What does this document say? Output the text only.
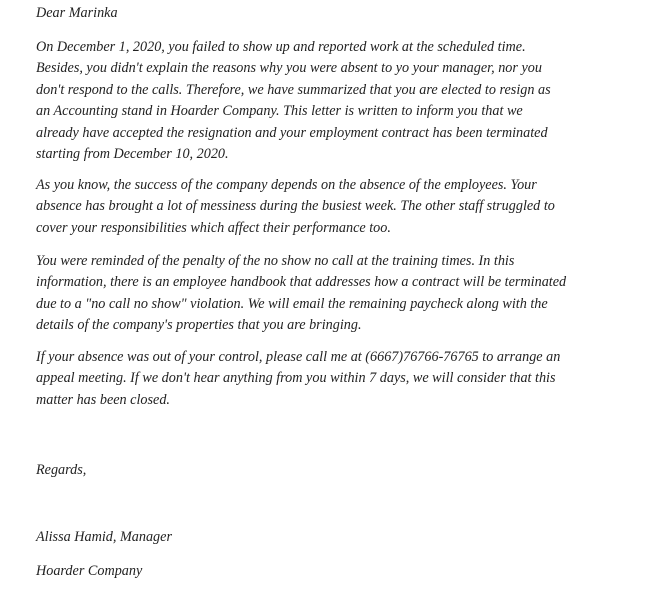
Dear Marinka
On December 1, 2020, you failed to show up and reported work at the scheduled time.
Besides, you didn't explain the reasons why you were absent to yo your manager, nor you
don't respond to the calls. Therefore, we have summarized that you are elected to resign as
an Accounting stand in Hoarder Company. This letter is written to inform you that we
already have accepted the resignation and your employment contract has been terminated
starting from December 10, 2020.
As you know, the success of the company depends on the absence of the employees. Your
absence has brought a lot of messiness during the busiest week. The other staff struggled to
cover your responsibilities which affect their performance too.
You were reminded of the penalty of the no show no call at the training times. In this
information, there is an employee handbook that addresses how a contract will be terminated
due to a "no call no show" violation. We will email the remaining paycheck along with the
details of the company's properties that you are bringing.
If your absence was out of your control, please call me at (6667)76766-76765 to arrange an
appeal meeting. If we don't hear anything from you within 7 days, we will consider that this
matter has been closed.
Regards,
Alissa Hamid, Manager
Hoarder Company
